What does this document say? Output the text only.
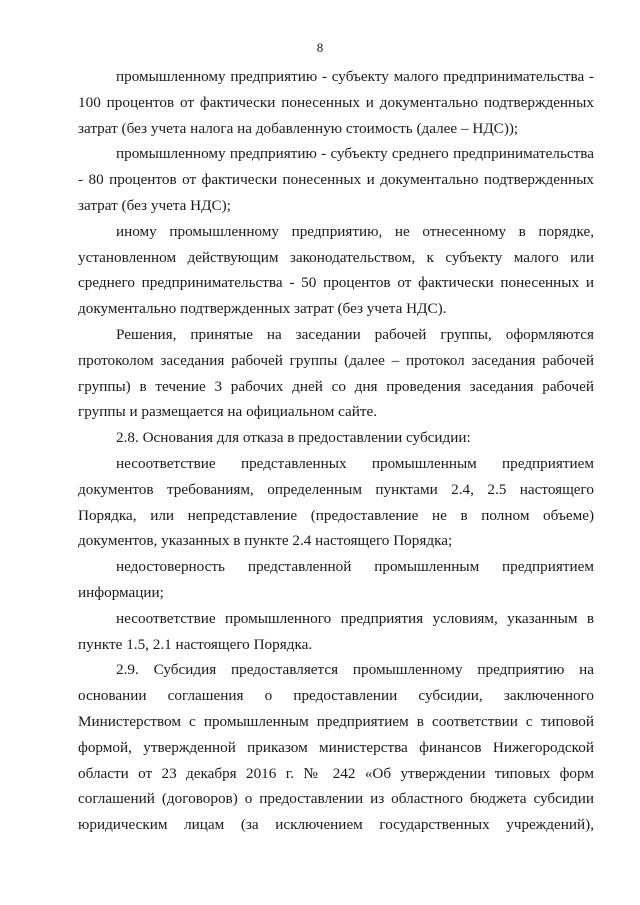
8

промышленному предприятию - субъекту малого предпринимательства - 100 процентов от фактически понесенных и документально подтвержденных затрат (без учета налога на добавленную стоимость (далее – НДС));

промышленному предприятию - субъекту среднего предпринимательства - 80 процентов от фактически понесенных и документально подтвержденных затрат (без учета НДС);

иному промышленному предприятию, не отнесенному в порядке, установленном действующим законодательством, к субъекту малого или среднего предпринимательства - 50 процентов от фактически понесенных и документально подтвержденных затрат (без учета НДС).

Решения, принятые на заседании рабочей группы, оформляются протоколом заседания рабочей группы (далее – протокол заседания рабочей группы) в течение 3 рабочих дней со дня проведения заседания рабочей группы и размещается на официальном сайте.

2.8. Основания для отказа в предоставлении субсидии:

несоответствие представленных промышленным предприятием документов требованиям, определенным пунктами 2.4, 2.5 настоящего Порядка, или непредставление (предоставление не в полном объеме) документов, указанных в пункте 2.4 настоящего Порядка;

недостоверность представленной промышленным предприятием информации;

несоответствие промышленного предприятия условиям, указанным в пункте 1.5, 2.1 настоящего Порядка.

2.9. Субсидия предоставляется промышленному предприятию на основании соглашения о предоставлении субсидии, заключенного Министерством с промышленным предприятием в соответствии с типовой формой, утвержденной приказом министерства финансов Нижегородской области от 23 декабря 2016 г. № 242 «Об утверждении типовых форм соглашений (договоров) о предоставлении из областного бюджета субсидии юридическим лицам (за исключением государственных учреждений),
